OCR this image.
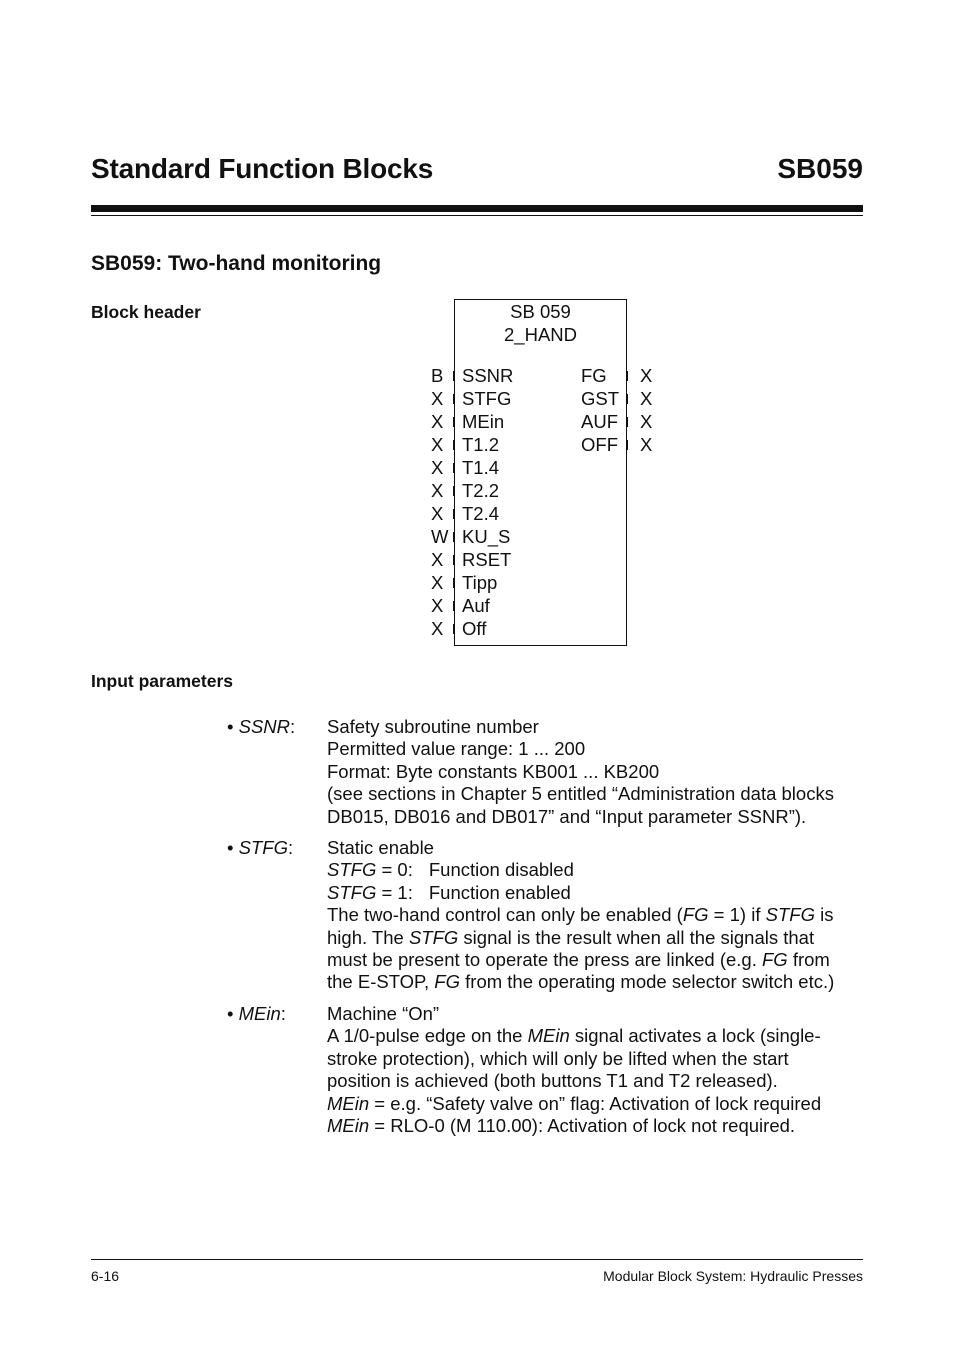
Standard Function Blocks	SB059
SB059: Two-hand monitoring
Block header	SB 059
2_HAND
B SSNR
X STFG
X MEin
X T1.2
X T1.4
X T2.2
X T2.4
W KU_S
X RSET
X Tipp
X Auf
X Off
FG X
GST X
AUF X
OFF X
Input parameters
• SSNR: Safety subroutine number
Permitted value range: 1 ... 200
Format: Byte constants KB001 ... KB200
(see sections in Chapter 5 entitled “Administration data blocks
DB015, DB016 and DB017” and “Input parameter SSNR”).
• STFG: Static enable
STFG = 0: Function disabled
STFG = 1: Function enabled
The two-hand control can only be enabled (FG = 1) if STFG is
high. The STFG signal is the result when all the signals that
must be present to operate the press are linked (e.g. FG from
the E-STOP, FG from the operating mode selector switch etc.)
• MEin: Machine “On”
A 1/0-pulse edge on the MEin signal activates a lock (single-
stroke protection), which will only be lifted when the start
position is achieved (both buttons T1 and T2 released).
MEin = e.g. “Safety valve on” flag: Activation of lock required
MEin = RLO-0 (M 110.00): Activation of lock not required.
6-16	Modular Block System: Hydraulic Presses
